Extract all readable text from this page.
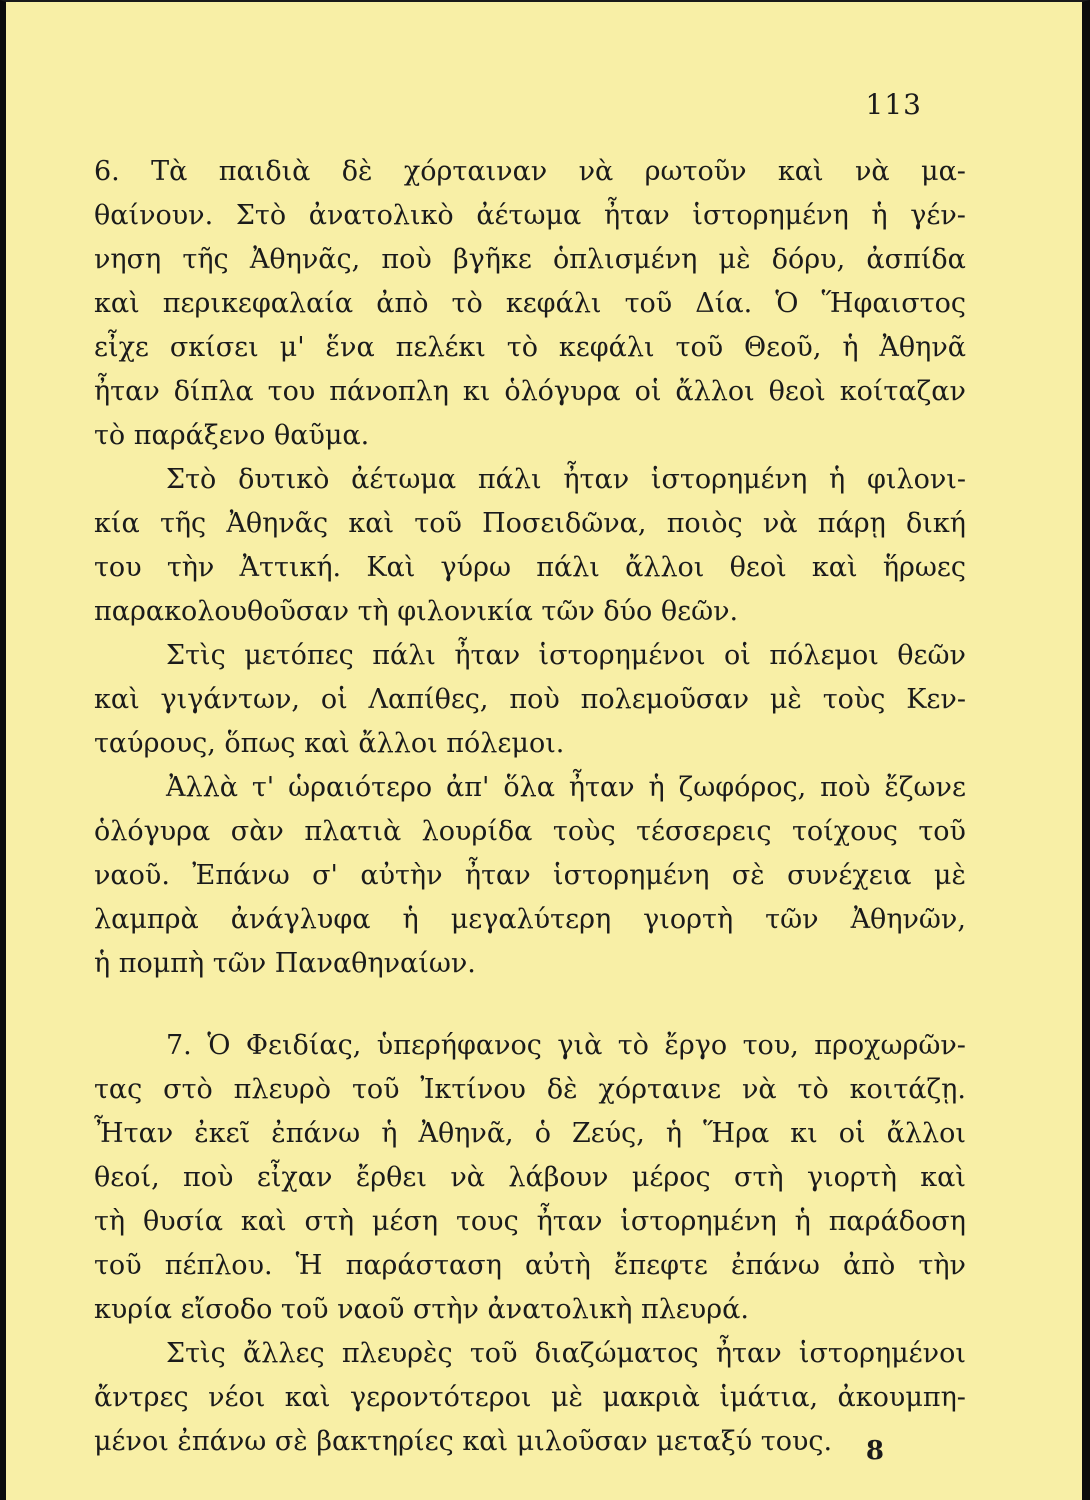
113
6. Τὰ παιδιὰ δὲ χόρταιναν νὰ ρωτοῦν καὶ νὰ μα-
θαίνουν. Στὸ ἀνατολικὸ ἀέτωμα ἦταν ἱστορημένη ἡ γέν-
νηση τῆς Ἀθηνᾶς, ποὺ βγῆκε ὁπλισμένη μὲ δόρυ, ἀσπίδα
καὶ περικεφαλαία ἀπὸ τὸ κεφάλι τοῦ Δία. Ὁ Ἥφαιστος
εἶχε σκίσει μ' ἕνα πελέκι τὸ κεφάλι τοῦ Θεοῦ, ἡ Ἀθηνᾶ
ἦταν δίπλα του πάνοπλη κι ὁλόγυρα οἱ ἄλλοι θεοὶ κοίταζαν
τὸ παράξενο θαῦμα.
Στὸ δυτικὸ ἀέτωμα πάλι ἦταν ἱστορημένη ἡ φιλονι-
κία τῆς Ἀθηνᾶς καὶ τοῦ Ποσειδῶνα, ποιὸς νὰ πάρῃ δική
του τὴν Ἀττική. Καὶ γύρω πάλι ἄλλοι θεοὶ καὶ ἥρωες
παρακολουθοῦσαν τὴ φιλονικία τῶν δύο θεῶν.
Στὶς μετόπες πάλι ἦταν ἱστορημένοι οἱ πόλεμοι θεῶν
καὶ γιγάντων, οἱ Λαπίθες, ποὺ πολεμοῦσαν μὲ τοὺς Κεν-
ταύρους, ὅπως καὶ ἄλλοι πόλεμοι.
Ἀλλὰ τ' ὡραιότερο ἀπ' ὅλα ἦταν ἡ ζωφόρος, ποὺ ἔζωνε
ὁλόγυρα σὰν πλατιὰ λουρίδα τοὺς τέσσερεις τοίχους τοῦ
ναοῦ. Ἐπάνω σ' αὐτὴν ἦταν ἱστορημένη σὲ συνέχεια μὲ
λαμπρὰ ἀνάγλυφα ἡ μεγαλύτερη γιορτὴ τῶν Ἀθηνῶν,
ἡ πομπὴ τῶν Παναθηναίων.
7. Ὁ Φειδίας, ὑπερήφανος γιὰ τὸ ἔργο του, προχωρῶν-
τας στὸ πλευρὸ τοῦ Ἰκτίνου δὲ χόρταινε νὰ τὸ κοιτάζῃ.
Ἦταν ἐκεῖ ἐπάνω ἡ Ἀθηνᾶ, ὁ Ζεύς, ἡ Ἥρα κι οἱ ἄλλοι
θεοί, ποὺ εἶχαν ἔρθει νὰ λάβουν μέρος στὴ γιορτὴ καὶ
τὴ θυσία καὶ στὴ μέση τους ἦταν ἱστορημένη ἡ παράδοση
τοῦ πέπλου. Ἡ παράσταση αὐτὴ ἔπεφτε ἐπάνω ἀπὸ τὴν
κυρία εἴσοδο τοῦ ναοῦ στὴν ἀνατολικὴ πλευρά.
Στὶς ἄλλες πλευρὲς τοῦ διαζώματος ἦταν ἱστορημένοι
ἄντρες νέοι καὶ γεροντότεροι μὲ μακριὰ ἱμάτια, ἀκουμπη-
μένοι ἐπάνω σὲ βακτηρίες καὶ μιλοῦσαν μεταξύ τους.	8
